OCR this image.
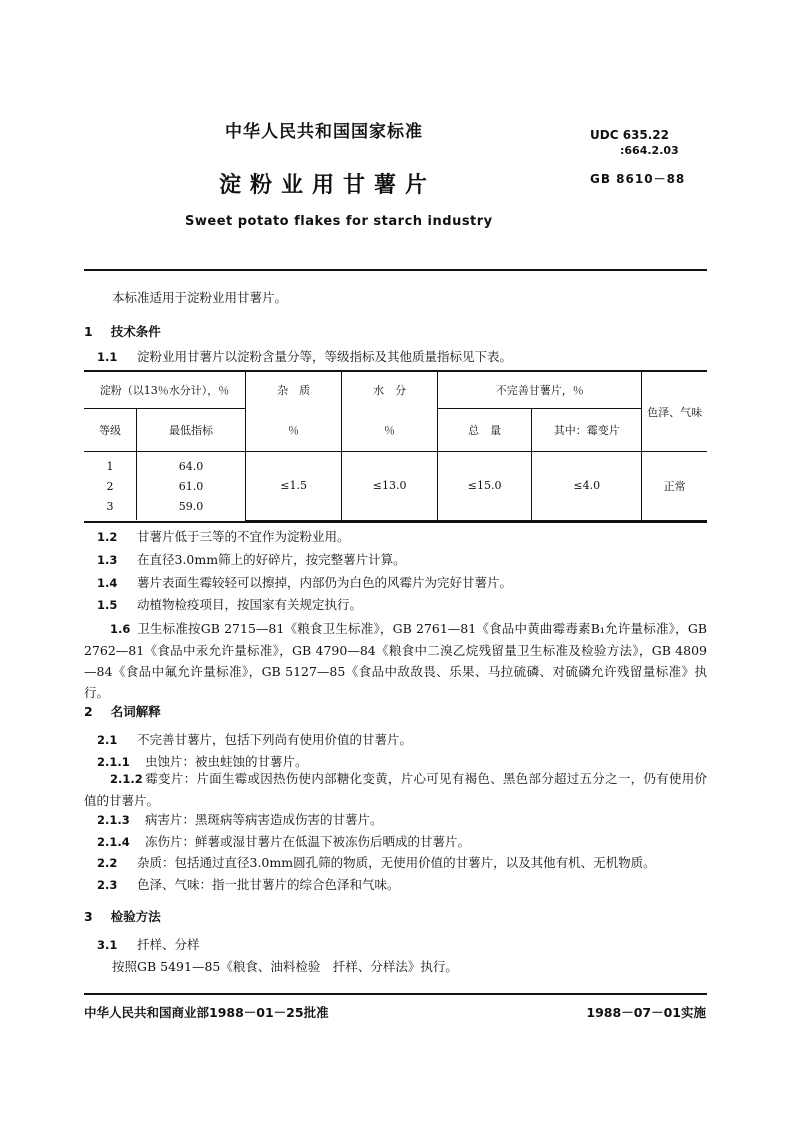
中华人民共和国国家标准	UDC 635.22
:664.2.03
淀粉业用甘薯片	GB 8610－88
Sweet potato flakes for starch industry
本标准适用于淀粉业用甘薯片。
1 技术条件
1.1 淀粉业用甘薯片以淀粉含量分等，等级指标及其他质量指标见下表。
淀粉（以13％水分计），％		杂　质	水　分	不完善甘薯片，％		色泽、气味
等级	最低指标	％	％	总　量	其中：霉变片	
1	64.0	≤1.5	≤13.0	≤15.0	≤4.0	正常
2	61.0					
3	59.0					
1.2 甘薯片低于三等的不宜作为淀粉业用。
1.3 在直径3.0mm筛上的好碎片，按完整薯片计算。
1.4 薯片表面生霉较轻可以擦掉，内部仍为白色的风霉片为完好甘薯片。
1.5 动植物检疫项目，按国家有关规定执行。
1.6 卫生标准按GB 2715—81《粮食卫生标准》，GB 2761—81《食品中黄曲霉毒素B₁允许量标准》，GB 2762—81《食品中汞允许量标准》，GB 4790—84《粮食中二溴乙烷残留量卫生标准及检验方法》，GB 4809—84《食品中氟允许量标准》，GB 5127—85《食品中敌敌畏、乐果、马拉硫磷、对硫磷允许残留量标准》执行。
2 名词解释
2.1 不完善甘薯片，包括下列尚有使用价值的甘薯片。
2.1.1 虫蚀片：被虫蛀蚀的甘薯片。
2.1.2 霉变片：片面生霉或因热伤使内部糖化变黄，片心可见有褐色、黑色部分超过五分之一，仍有使用价值的甘薯片。
2.1.3 病害片：黑斑病等病害造成伤害的甘薯片。
2.1.4 冻伤片：鲜薯或湿甘薯片在低温下被冻伤后晒成的甘薯片。
2.2 杂质：包括通过直径3.0mm圆孔筛的物质，无使用价值的甘薯片，以及其他有机、无机物质。
2.3 色泽、气味：指一批甘薯片的综合色泽和气味。
3 检验方法
3.1 扦样、分样
按照GB 5491—85《粮食、油料检验　扦样、分样法》执行。
中华人民共和国商业部1988－01－25批准	1988－07－01实施
